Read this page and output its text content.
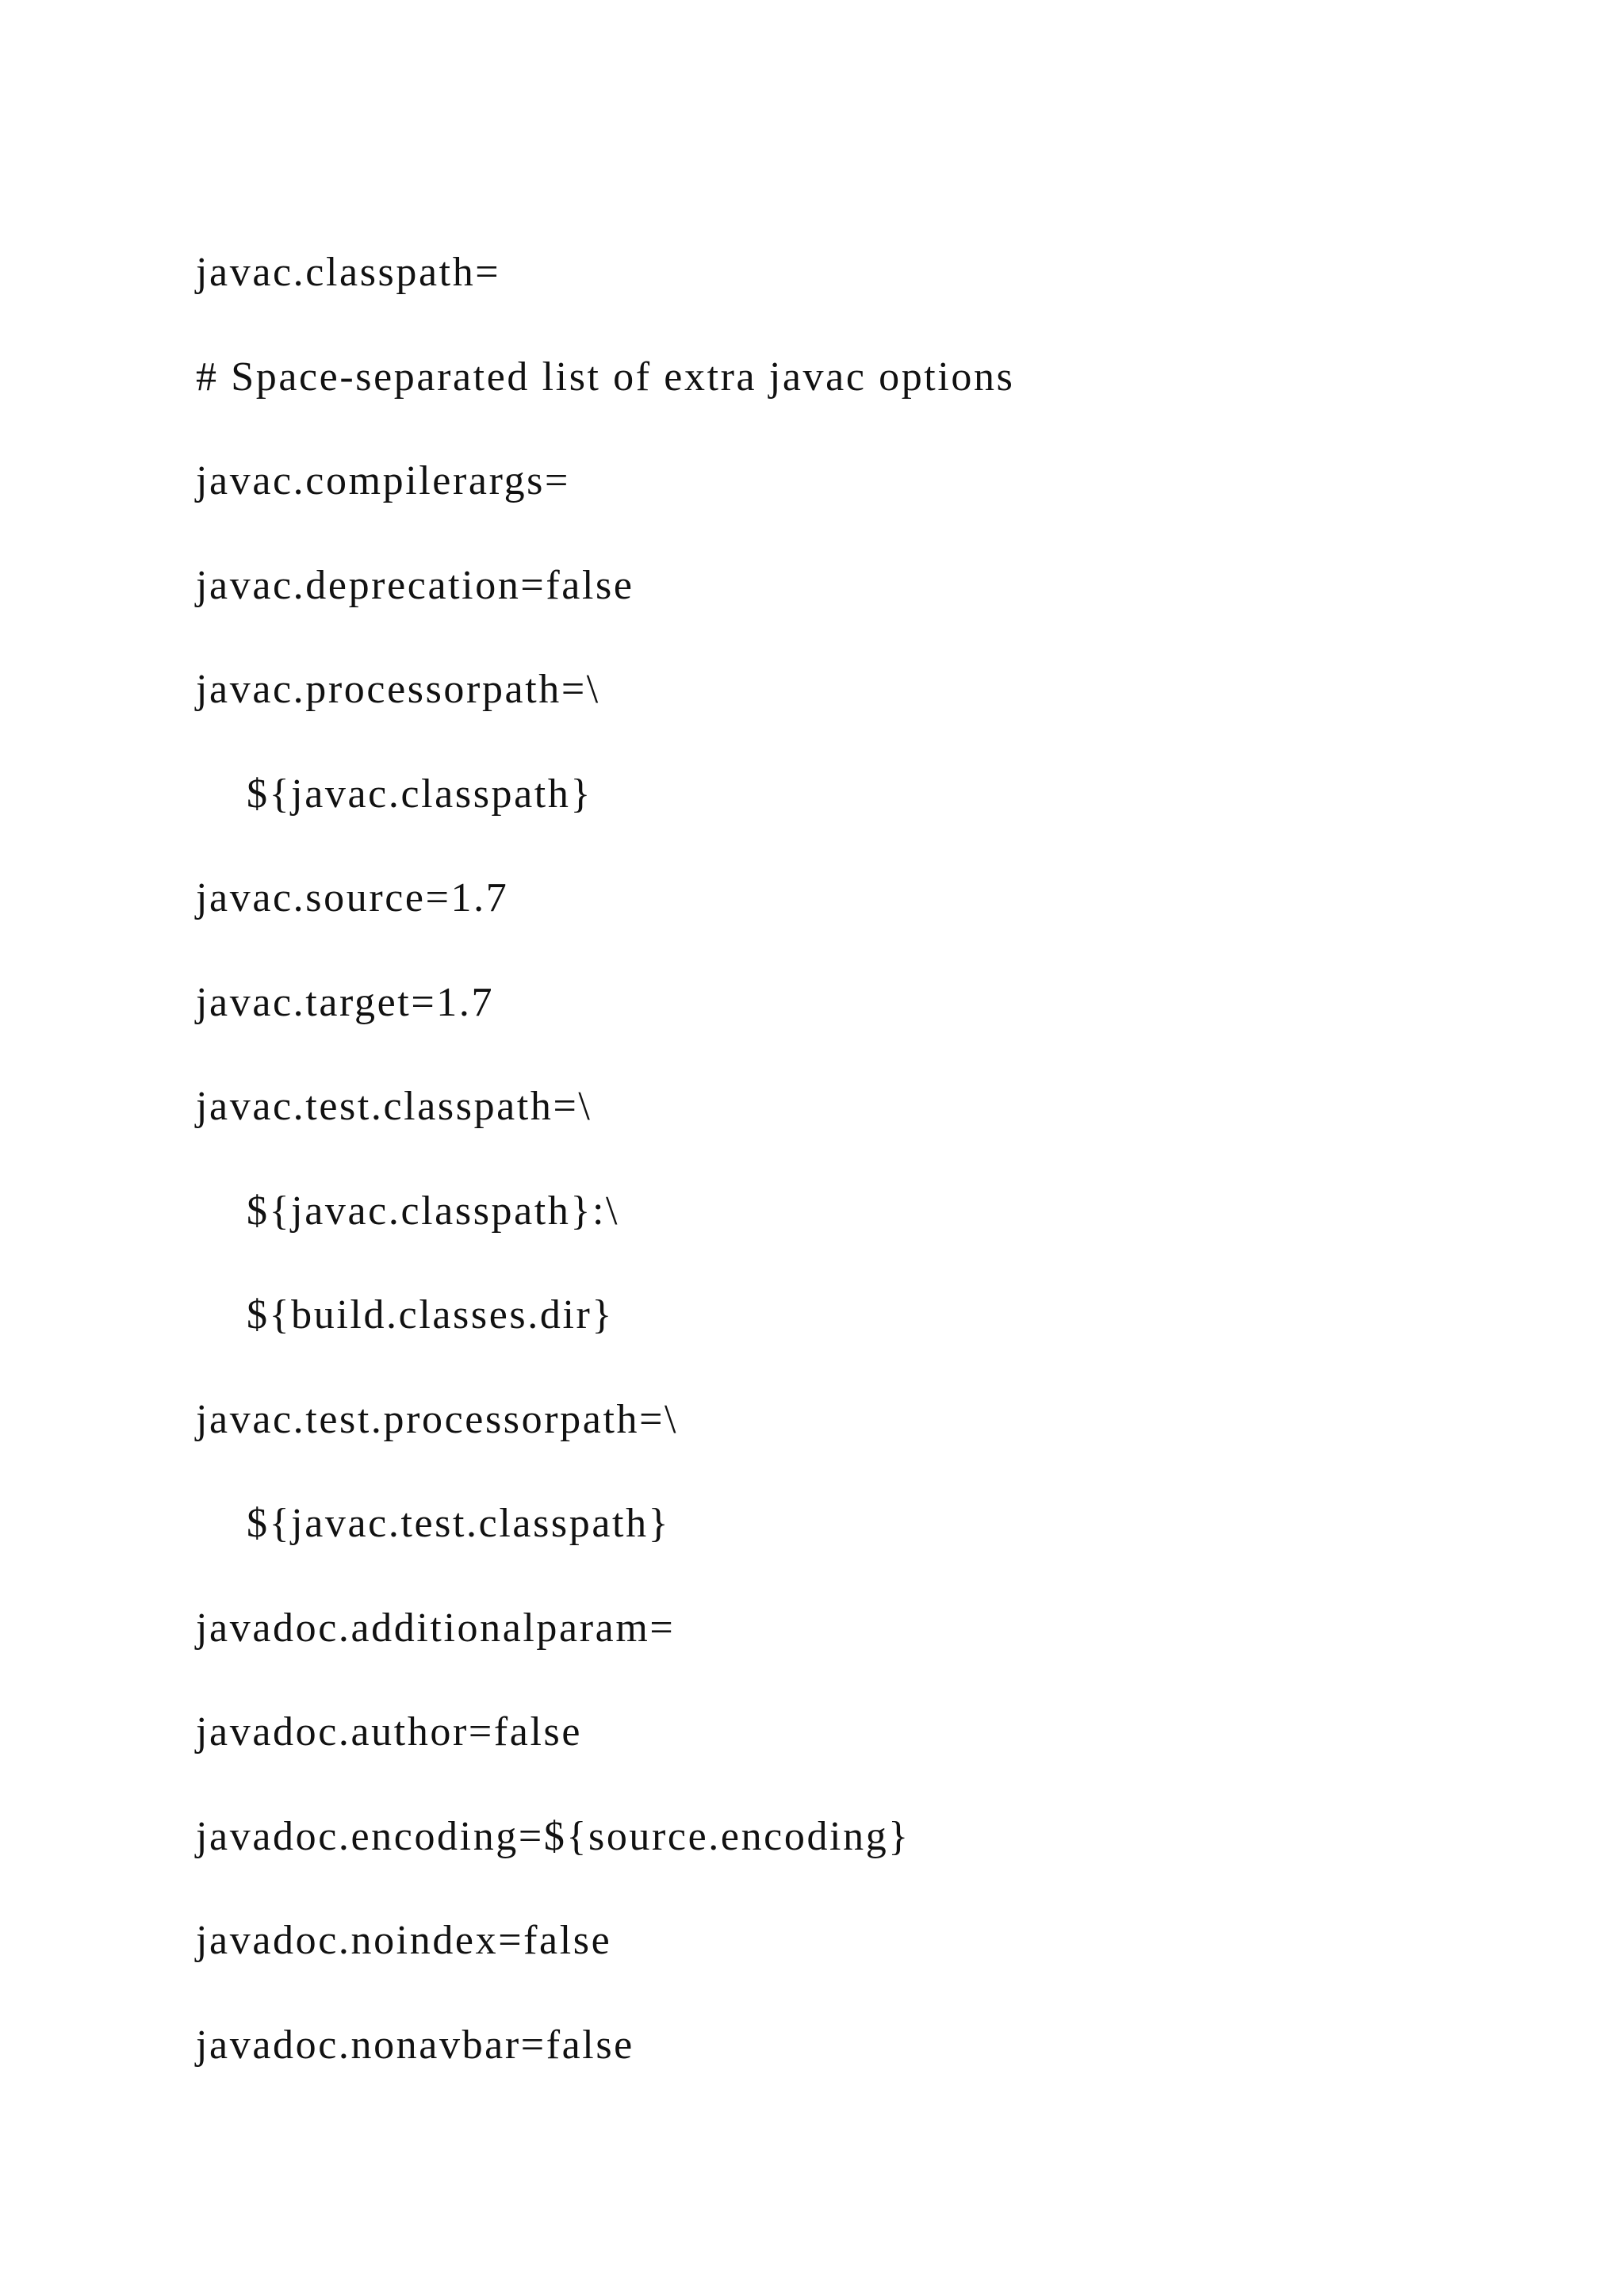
javac.classpath=
# Space-separated list of extra javac options
javac.compilerargs=
javac.deprecation=false
javac.processorpath=\
${javac.classpath}
javac.source=1.7
javac.target=1.7
javac.test.classpath=\
${javac.classpath}:\
${build.classes.dir}
javac.test.processorpath=\
${javac.test.classpath}
javadoc.additionalparam=
javadoc.author=false
javadoc.encoding=${source.encoding}
javadoc.noindex=false
javadoc.nonavbar=false
